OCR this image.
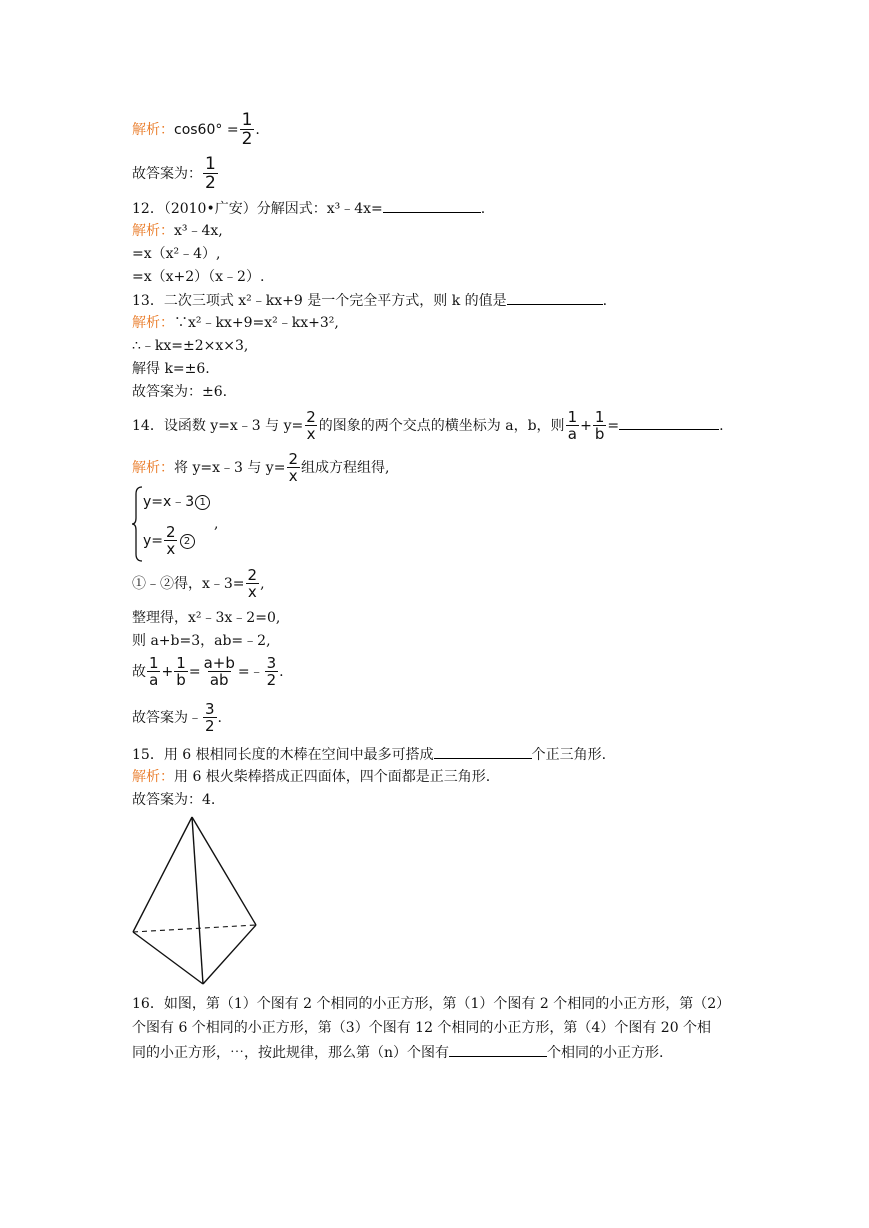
解析：$\cos 60^\circ = \frac{1}{2}$ .
故答案为： $\frac{1}{2}$
12．（2010•广安）分解因式：x³﹣4x=	.
解析：x³﹣4x,
=x（x²﹣4）,
=x（x+2）（x﹣2）.
13．二次三项式 x²﹣kx+9 是一个完全平方式，则 k 的值是	.
解析：∵x²﹣kx+9=x²﹣kx+3²,
∴﹣kx=±2×x×3,
解得 k=±6.
故答案为：±6.
14．设函数 y=x﹣3 与 $y= \frac{2}{x}$ 的图象的两个交点的横坐标为 a，b，则 $\frac{1}{a} + \frac{1}{b}$ =	.
解析：将 y=x﹣3 与 $y= \frac{2}{x}$ 组成方程组得,
y=x﹣3 1
,
$y= \frac{2}{x} 2$
①﹣②得，x﹣3= $\frac{2}{x}$ ,
整理得，x²﹣3x﹣2=0,
则 a+b=3，ab=﹣2,
故 $\frac{1}{a} + \frac{1}{b} = \frac{a+b}{ab}$ =﹣ $\frac{3}{2}$ .
故答案为﹣ $\frac{3}{2}$ .
15．用 6 根相同长度的木棒在空间中最多可搭成	个正三角形.
解析：用 6 根火柴棒搭成正四面体，四个面都是正三角形.
故答案为：4.
16．如图，第（1）个图有 2 个相同的小正方形，第（1）个图有 2 个相同的小正方形，第（2）
个图有 6 个相同的小正方形，第（3）个图有 12 个相同的小正方形，第（4）个图有 20 个相
同的小正方形，⋯，按此规律，那么第（n）个图有	个相同的小正方形.
